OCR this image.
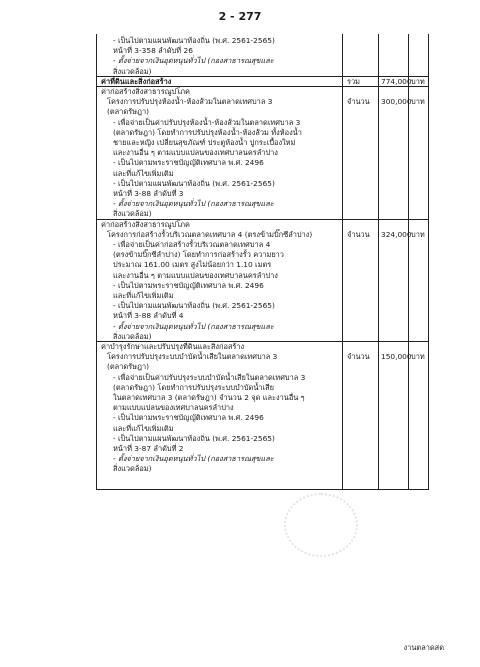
2 - 277
- เป็นไปตามแผนพัฒนาท้องถิ่น (พ.ศ. 2561-2565)
หน้าที่ 3-358 ลำดับที่ 26
- ตั้งจ่ายจากเงินอุดหนุนทั่วไป (กองสาธารณสุขและ
สิ่งแวดล้อม)
ค่าที่ดินและสิ่งก่อสร้าง	รวม	774,000 บาท
ค่าก่อสร้างสิ่งสาธารณูปโภค
โครงการปรับปรุงห้องน้ำ-ห้องส้วมในตลาดเทศบาล 3	จำนวน 300,000 บาท
(ตลาดรัษฎา)
- เพื่อจ่ายเป็นค่าปรับปรุงห้องน้ำ-ห้องส้วมในตลาดเทศบาล 3
(ตลาดรัษฎา) โดยทำการปรับปรุงห้องน้ำ-ห้องส้วม ทั้งห้องน้ำ
ชายและหญิง เปลี่ยนสุขภัณฑ์ ประตูห้องน้ำ ปูกระเบื้องใหม่
และงานอื่น ๆ ตามแบบแปลนของเทศบาลนครลำปาง
- เป็นไปตามพระราชบัญญัติเทศบาล พ.ศ. 2496
และที่แก้ไขเพิ่มเติม
- เป็นไปตามแผนพัฒนาท้องถิ่น (พ.ศ. 2561-2565)
หน้าที่ 3-88 ลำดับที่ 3
- ตั้งจ่ายจากเงินอุดหนุนทั่วไป (กองสาธารณสุขและ
สิ่งแวดล้อม)
ค่าก่อสร้างสิ่งสาธารณูปโภค
โครงการก่อสร้างรั้วบริเวณตลาดเทศบาล 4 (ตรงข้ามบิ๊กซีลำปาง)	จำนวน 324,000 บาท
- เพื่อจ่ายเป็นค่าก่อสร้างรั้วบริเวณตลาดเทศบาล 4
(ตรงข้ามบิ๊กซีลำปาง) โดยทำการก่อสร้างรั้ว ความยาว
ประมาณ 161.00 เมตร สูงไม่น้อยกว่า 1.10 เมตร
และงานอื่น ๆ ตามแบบแปลนของเทศบาลนครลำปาง
- เป็นไปตามพระราชบัญญัติเทศบาล พ.ศ. 2496
และที่แก้ไขเพิ่มเติม
- เป็นไปตามแผนพัฒนาท้องถิ่น (พ.ศ. 2561-2565)
หน้าที่ 3-88 ลำดับที่ 4
- ตั้งจ่ายจากเงินอุดหนุนทั่วไป (กองสาธารณสุขและ
สิ่งแวดล้อม)
ค่าบำรุงรักษาและปรับปรุงที่ดินและสิ่งก่อสร้าง
โครงการปรับปรุงระบบบำบัดน้ำเสียในตลาดเทศบาล 3	จำนวน 150,000 บาท
(ตลาดรัษฎา)
- เพื่อจ่ายเป็นค่าปรับปรุงระบบบำบัดน้ำเสียในตลาดเทศบาล 3
(ตลาดรัษฎา) โดยทำการปรับปรุงระบบบำบัดน้ำเสีย
ในตลาดเทศบาล 3 (ตลาดรัษฎา) จำนวน 2 จุด และงานอื่น ๆ
ตามแบบแปลนของเทศบาลนครลำปาง
- เป็นไปตามพระราชบัญญัติเทศบาล พ.ศ. 2496
และที่แก้ไขเพิ่มเติม
- เป็นไปตามแผนพัฒนาท้องถิ่น (พ.ศ. 2561-2565)
หน้าที่ 3-87 ลำดับที่ 2
- ตั้งจ่ายจากเงินอุดหนุนทั่วไป (กองสาธารณสุขและ
สิ่งแวดล้อม)
งานตลาดสด
